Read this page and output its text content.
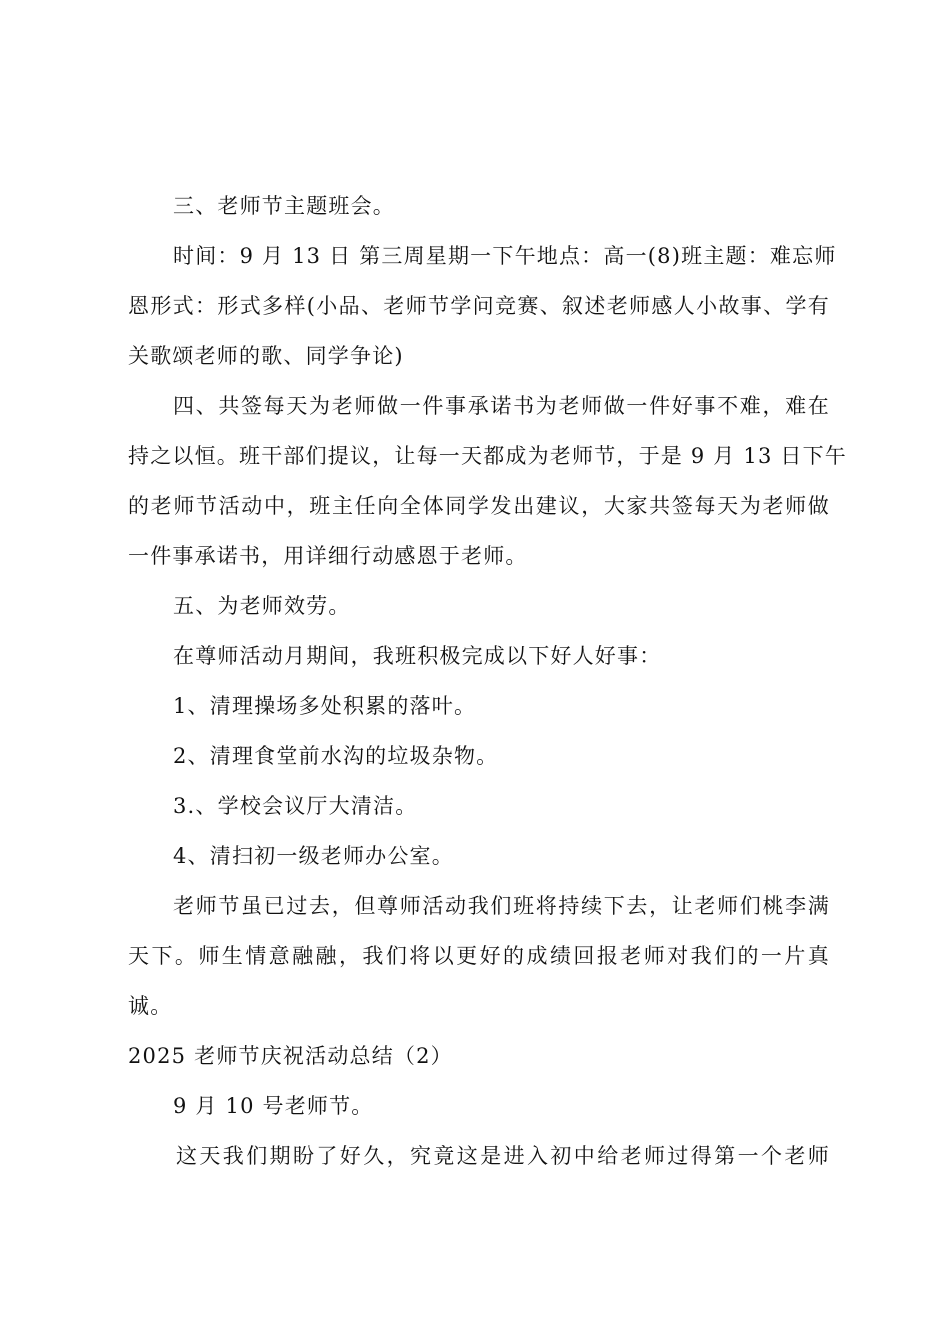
三、老师节主题班会。
时间：9 月 13 日 第三周星期一下午地点：高一(8)班主题：难忘师
恩形式：形式多样(小品、老师节学问竞赛、叙述老师感人小故事、学有
关歌颂老师的歌、同学争论)
四、共签每天为老师做一件事承诺书为老师做一件好事不难，难在
持之以恒。班干部们提议，让每一天都成为老师节，于是 9 月 13 日下午
的老师节活动中，班主任向全体同学发出建议，大家共签每天为老师做
一件事承诺书，用详细行动感恩于老师。
五、为老师效劳。
在尊师活动月期间，我班积极完成以下好人好事：
1、清理操场多处积累的落叶。
2、清理食堂前水沟的垃圾杂物。
3.、学校会议厅大清洁。
4、清扫初一级老师办公室。
老师节虽已过去，但尊师活动我们班将持续下去，让老师们桃李满
天下。师生情意融融，我们将以更好的成绩回报老师对我们的一片真
诚。
2025 老师节庆祝活动总结（2）
9 月 10 号老师节。
这天我们期盼了好久，究竟这是进入初中给老师过得第一个老师
